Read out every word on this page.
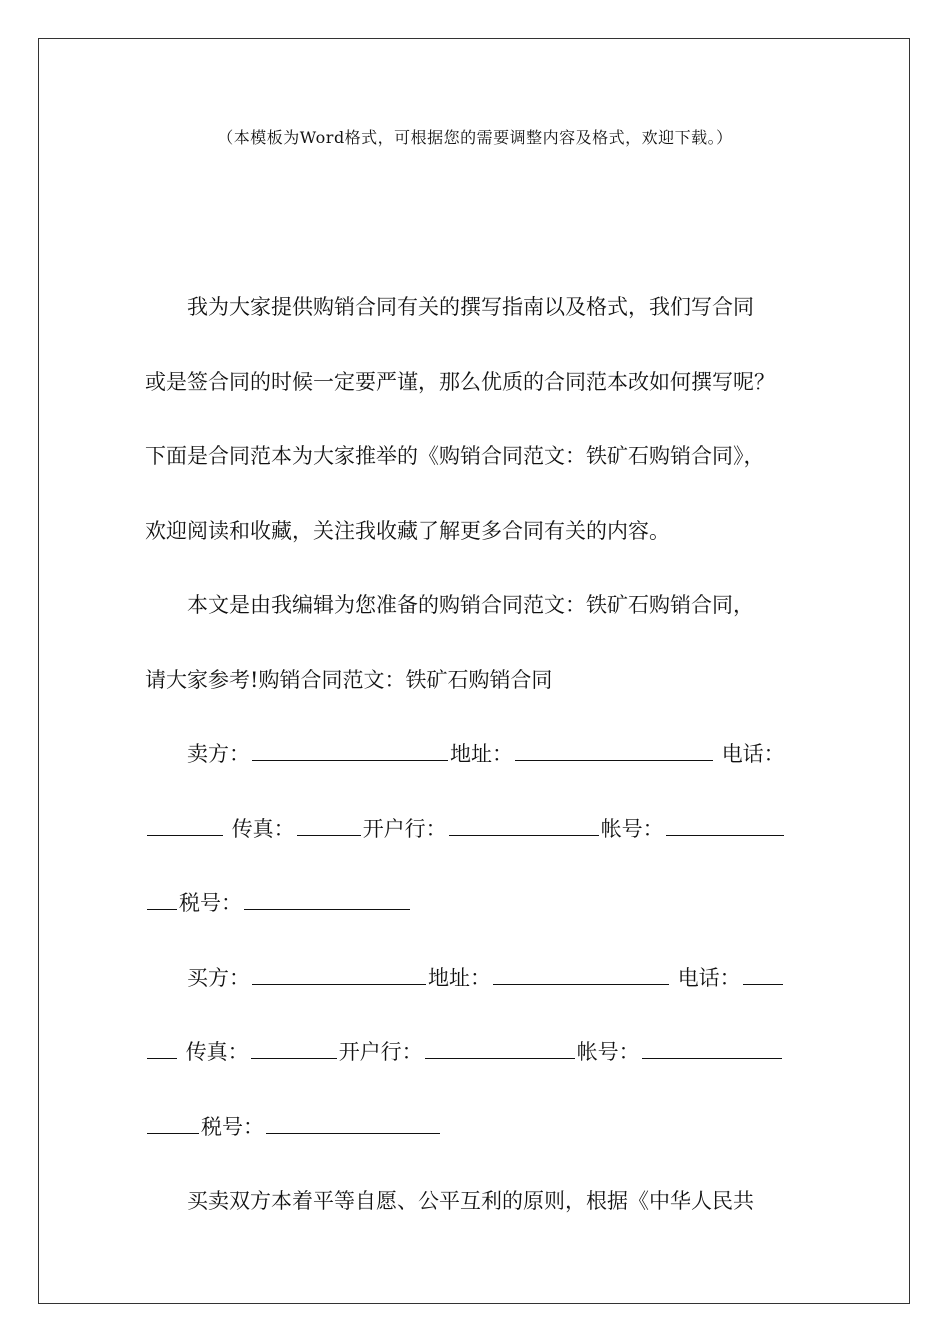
（本模板为Word格式，可根据您的需要调整内容及格式，欢迎下载。）
我为大家提供购销合同有关的撰写指南以及格式，我们写合同
或是签合同的时候一定要严谨，那么优质的合同范本改如何撰写呢？
下面是合同范本为大家推举的《购销合同范文：铁矿石购销合同》，
欢迎阅读和收藏，关注我收藏了解更多合同有关的内容。
本文是由我编辑为您准备的购销合同范文：铁矿石购销合同，
请大家参考!购销合同范文：铁矿石购销合同
卖方：	地址：	电话：
传真：	开户行：	帐号：
税号：
买方：	地址：	电话：
传真：	开户行：	帐号：
税号：
买卖双方本着平等自愿、公平互利的原则，根据《中华人民共
